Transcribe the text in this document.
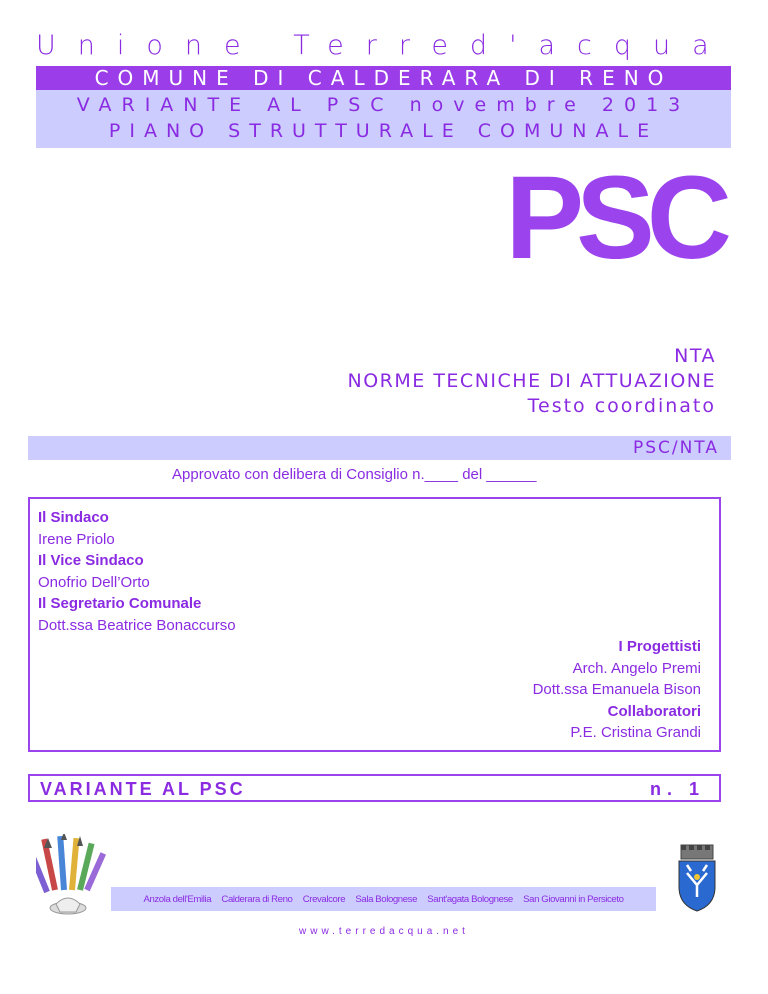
Unione Terred'acqua
COMUNE DI CALDERARA DI RENO
VARIANTE AL PSC novembre 2013
PIANO STRUTTURALE COMUNALE
PSC
NTA
NORME TECNICHE DI ATTUAZIONE
Testo coordinato
PSC/NTA
Approvato con delibera di Consiglio n.____ del ______
Il Sindaco
Irene Priolo
Il Vice Sindaco
Onofrio Dell’Orto
Il Segretario Comunale
Dott.ssa Beatrice Bonaccurso
I Progettisti
Arch. Angelo Premi
Dott.ssa Emanuela Bison
Collaboratori
P.E. Cristina Grandi
VARIANTE AL PSC	n. 1
Anzola dell'Emilia Calderara di Reno Crevalcore Sala Bolognese Sant'agata Bolognese San Giovanni in Persiceto
www.terredacqua.net
